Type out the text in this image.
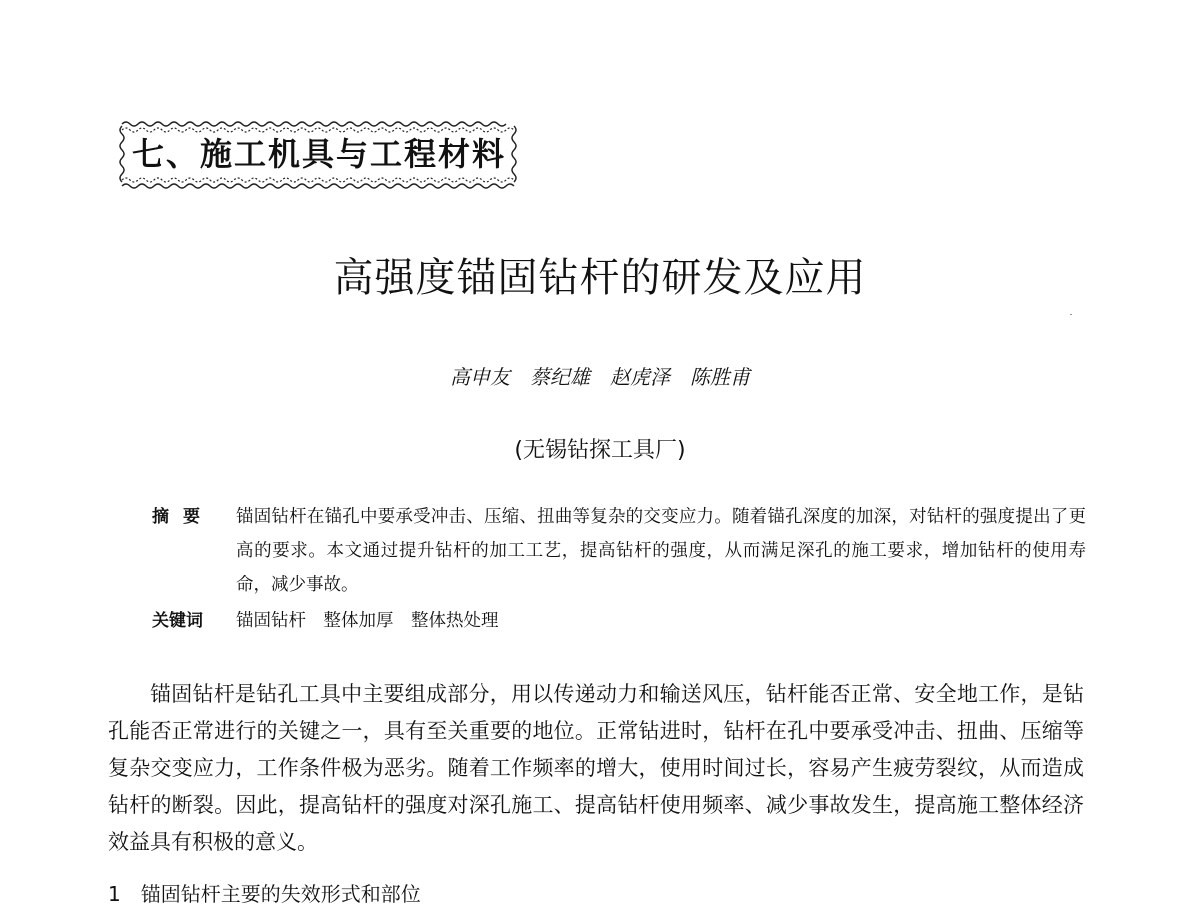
七、施工机具与工程材料
高强度锚固钻杆的研发及应用
高申友　蔡纪雄　赵虎泽　陈胜甫
(无锡钻探工具厂)
摘要	锚固钻杆在锚孔中要承受冲击、压缩、扭曲等复杂的交变应力。随着锚孔深度的加深，对钻杆的强度提出了更高的要求。本文通过提升钻杆的加工工艺，提高钻杆的强度，从而满足深孔的施工要求，增加钻杆的使用寿命，减少事故。
关键词 锚固钻杆　整体加厚　整体热处理
锚固钻杆是钻孔工具中主要组成部分，用以传递动力和输送风压，钻杆能否正常、安全地工作，是钻孔能否正常进行的关键之一，具有至关重要的地位。正常钻进时，钻杆在孔中要承受冲击、扭曲、压缩等复杂交变应力，工作条件极为恶劣。随着工作频率的增大，使用时间过长，容易产生疲劳裂纹，从而造成钻杆的断裂。因此，提高钻杆的强度对深孔施工、提高钻杆使用频率、减少事故发生，提高施工整体经济效益具有积极的意义。
1　锚固钻杆主要的失效形式和部位
